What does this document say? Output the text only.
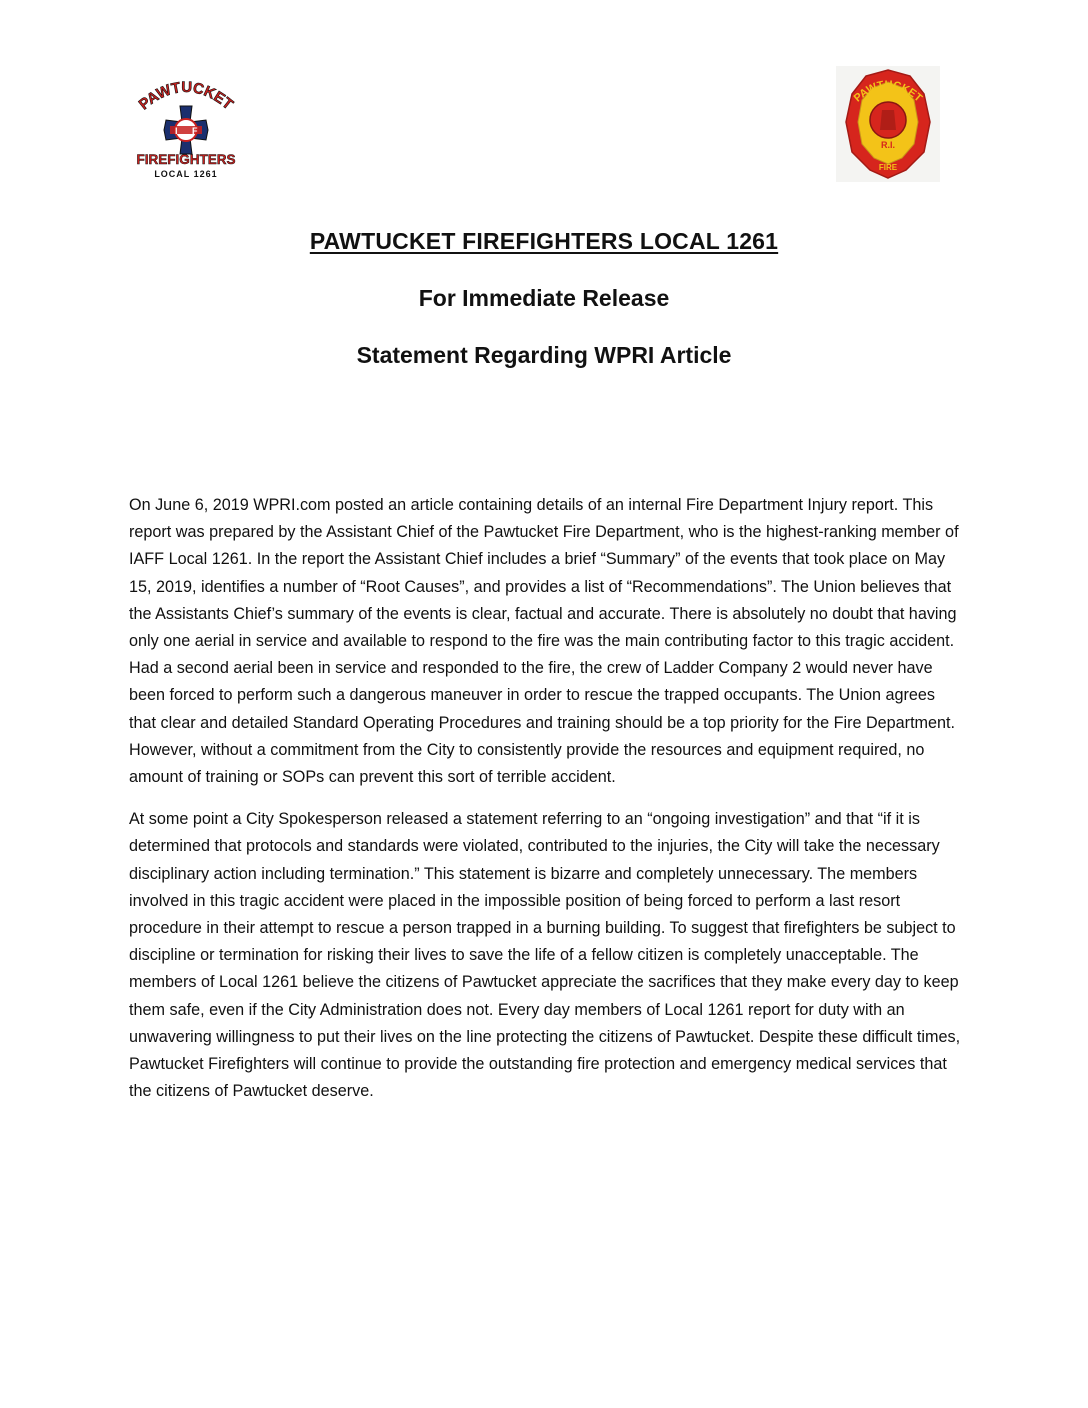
PAWTUCKET
I F
FIREFIGHTERS
LOCAL 1261
PAWTUCKET
R.I.
FIRE
PAWTUCKET FIREFIGHTERS LOCAL 1261
For Immediate Release
Statement Regarding WPRI Article

On June 6, 2019 WPRI.com posted an article containing details of an internal Fire Department Injury report. This report was prepared by the Assistant Chief of the Pawtucket Fire Department, who is the highest-ranking member of IAFF Local 1261. In the report the Assistant Chief includes a brief “Summary” of the events that took place on May 15, 2019, identifies a number of “Root Causes”, and provides a list of “Recommendations”. The Union believes that the Assistants Chief’s summary of the events is clear, factual and accurate. There is absolutely no doubt that having only one aerial in service and available to respond to the fire was the main contributing factor to this tragic accident. Had a second aerial been in service and responded to the fire, the crew of Ladder Company 2 would never have been forced to perform such a dangerous maneuver in order to rescue the trapped occupants. The Union agrees that clear and detailed Standard Operating Procedures and training should be a top priority for the Fire Department. However, without a commitment from the City to consistently provide the resources and equipment required, no amount of training or SOPs can prevent this sort of terrible accident.

At some point a City Spokesperson released a statement referring to an “ongoing investigation” and that “if it is determined that protocols and standards were violated, contributed to the injuries, the City will take the necessary disciplinary action including termination.” This statement is bizarre and completely unnecessary. The members involved in this tragic accident were placed in the impossible position of being forced to perform a last resort procedure in their attempt to rescue a person trapped in a burning building. To suggest that firefighters be subject to discipline or termination for risking their lives to save the life of a fellow citizen is completely unacceptable. The members of Local 1261 believe the citizens of Pawtucket appreciate the sacrifices that they make every day to keep them safe, even if the City Administration does not. Every day members of Local 1261 report for duty with an unwavering willingness to put their lives on the line protecting the citizens of Pawtucket. Despite these difficult times, Pawtucket Firefighters will continue to provide the outstanding fire protection and emergency medical services that the citizens of Pawtucket deserve.
